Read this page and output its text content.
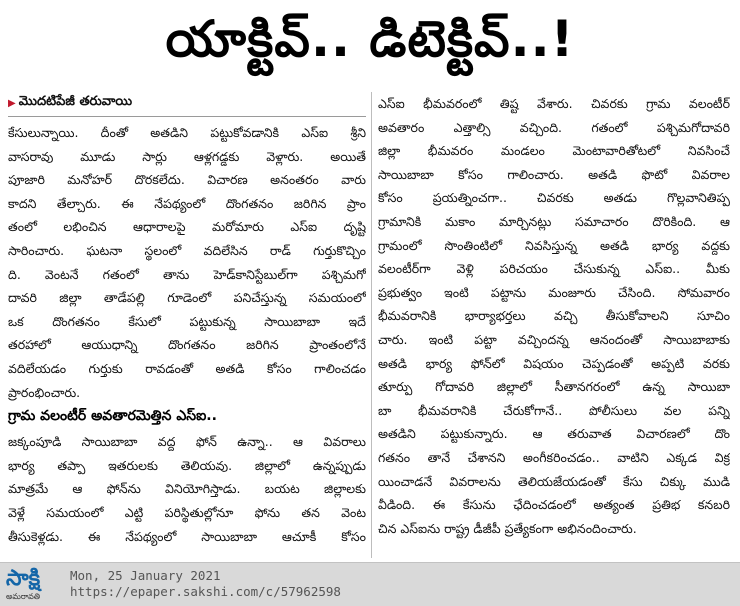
యాక్టివ్.. డిటెక్టివ్..!
▶ మొదటిపేజీ తరువాయి
కేసులున్నాయి. దీంతో అతడిని పట్టుకోవడానికి ఎస్ఐ శ్రీని
వాసరావు మూడు సార్లు ఆళ్లగడ్డకు వెళ్లారు. అయితే
పూజారి మనోహర్ దొరకలేదు. విచారణ అనంతరం వారు
కాదని తేల్చారు. ఈ నేపథ్యంలో దొంగతనం జరిగిన ప్రాం
తంలో లభించిన ఆధారాలపై మరోమారు ఎస్ఐ దృష్టి
సారించారు. ఘటనా స్థలంలో వదిలేసిన రాడ్ గుర్తుకొచ్చిం
ది. వెంటనే గతంలో తాను హెడ్‌కానిస్టేబుల్‌గా పశ్చిమగో
దావరి జిల్లా తాడేపల్లి గూడెంలో పనిచేస్తున్న సమయంలో
ఒక దొంగతనం కేసులో పట్టుకున్న సాయిబాబా ఇదే
తరహాలో ఆయుధాన్ని దొంగతనం జరిగిన ప్రాంతంలోనే
వదిలేయడం గుర్తుకు రావడంతో అతడి కోసం గాలించడం
ప్రారంభించారు.
గ్రామ వలంటీర్ అవతారమెత్తిన ఎస్ఐ..
జక్కంపూడి సాయిబాబా వద్ద ఫోన్ ఉన్నా.. ఆ వివరాలు
భార్య తప్పా ఇతరులకు తెలియవు. జిల్లాలో ఉన్నప్పుడు
మాత్రమే ఆ ఫోన్‌ను వినియోగిస్తాడు. బయట జిల్లాలకు
వెళ్లే సమయంలో ఎట్టి పరిస్థితుల్లోనూ ఫోను తన వెంట
తీసుకెళ్లడు. ఈ నేపథ్యంలో సాయిబాబా ఆచూకీ కోసం
ఎస్ఐ భీమవరంలో తిష్ట వేశారు. చివరకు గ్రామ వలంటీర్
అవతారం ఎత్తాల్సి వచ్చింది. గతంలో పశ్చిమగోదావరి
జిల్లా భీమవరం మండలం మెంటావారితోటలో నివసించే
సాయిబాబా కోసం గాలించారు. అతడి ఫొటో వివరాల
కోసం ప్రయత్నించగా.. చివరకు అతడు గొల్లవానితిప్ప
గ్రామానికి మకాం మార్చినట్లు సమాచారం దొరికింది. ఆ
గ్రామంలో సొంతింటిలో నివసిస్తున్న అతడి భార్య వద్దకు
వలంటీర్‌గా వెళ్లి పరిచయం చేసుకున్న ఎస్ఐ.. మీకు
ప్రభుత్వం ఇంటి పట్టాను మంజూరు చేసింది. సోమవారం
భీమవరానికి భార్యాభర్తలు వచ్చి తీసుకోవాలని సూచిం
చారు. ఇంటి పట్టా వచ్చిందన్న ఆనందంతో సాయిబాబాకు
అతడి భార్య ఫోన్‌లో విషయం చెప్పడంతో అప్పటి వరకు
తూర్పు గోదావరి జిల్లాలో సీతానగరంలో ఉన్న సాయిబా
బా భీమవరానికి చేరుకోగానే.. పోలీసులు వల పన్ని
అతడిని పట్టుకున్నారు. ఆ తరువాత విచారణలో దొం
గతనం తానే చేశానని అంగీకరించడం.. వాటిని ఎక్కడ విక్ర
యించాడనే వివరాలను తెలియజేయడంతో కేసు చిక్కు ముడి
వీడింది. ఈ కేసును ఛేదించడంలో అత్యంత ప్రతిభ కనబరి
చిన ఎస్ఐను రాష్ట్ర డీజీపీ ప్రత్యేకంగా అభినందించారు.
సాక్షి
అమరావతి
Mon, 25 January 2021
https://epaper.sakshi.com/c/57962598
